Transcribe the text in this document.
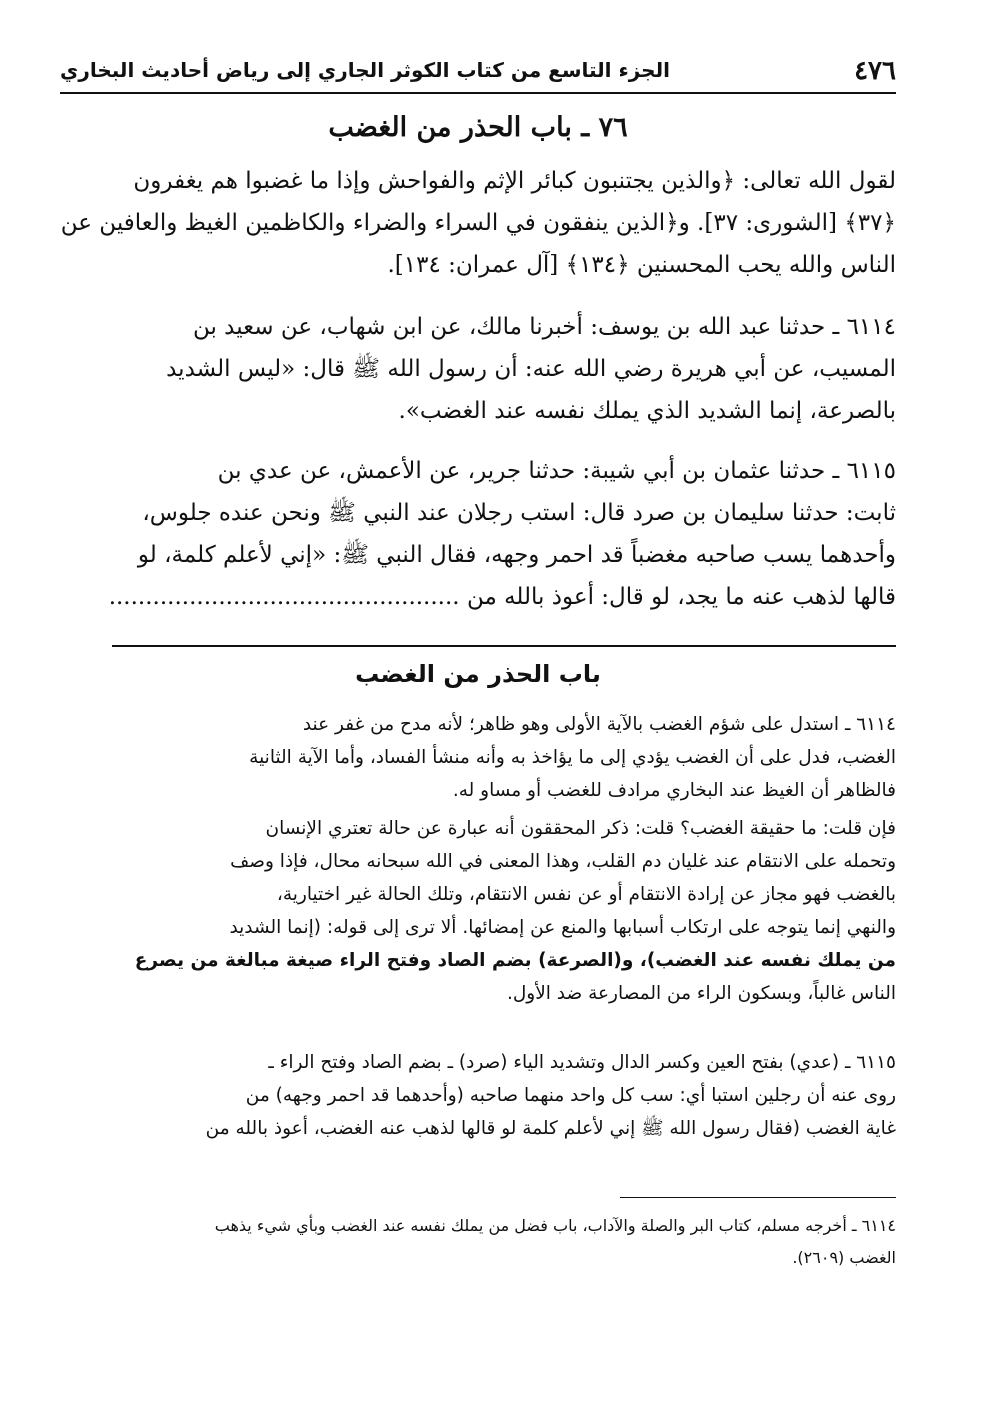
٤٧٦
الجزء التاسع من كتاب الكوثر الجاري إلى رياض أحاديث البخاري
٧٦ ـ باب الحذر من الغضب
لقول الله تعالى: ﴿والذين يجتنبون كبائر الإثم والفواحش وإذا ما غضبوا هم يغفرون
﴿٣٧﴾ [الشورى: ٣٧]. و﴿الذين ينفقون في السراء والضراء والكاظمين الغيظ والعافين عن
الناس والله يحب المحسنين ﴿١٣٤﴾ [آل عمران: ١٣٤].
٦١١٤ ـ حدثنا عبد الله بن يوسف: أخبرنا مالك، عن ابن شهاب، عن سعيد بن
المسيب، عن أبي هريرة رضي الله عنه: أن رسول الله ﷺ قال: «ليس الشديد
بالصرعة، إنما الشديد الذي يملك نفسه عند الغضب».
٦١١٥ ـ حدثنا عثمان بن أبي شيبة: حدثنا جرير، عن الأعمش، عن عدي بن
ثابت: حدثنا سليمان بن صرد قال: استب رجلان عند النبي ﷺ ونحن عنده جلوس،
وأحدهما يسب صاحبه مغضباً قد احمر وجهه، فقال النبي ﷺ: «إني لأعلم كلمة، لو
قالها لذهب عنه ما يجد، لو قال: أعوذ بالله من ................................................
باب الحذر من الغضب
٦١١٤ ـ استدل على شؤم الغضب بالآية الأولى وهو ظاهر؛ لأنه مدح من غفر عند
الغضب، فدل على أن الغضب يؤدي إلى ما يؤاخذ به وأنه منشأ الفساد، وأما الآية الثانية
فالظاهر أن الغيظ عند البخاري مرادف للغضب أو مساو له.
فإن قلت: ما حقيقة الغضب؟ قلت: ذكر المحققون أنه عبارة عن حالة تعتري الإنسان
وتحمله على الانتقام عند غليان دم القلب، وهذا المعنى في الله سبحانه محال، فإذا وصف
بالغضب فهو مجاز عن إرادة الانتقام أو عن نفس الانتقام، وتلك الحالة غير اختيارية،
والنهي إنما يتوجه على ارتكاب أسبابها والمنع عن إمضائها. ألا ترى إلى قوله: (إنما الشديد
من يملك نفسه عند الغضب)، و(الصرعة) بضم الصاد وفتح الراء صيغة مبالغة من يصرع
الناس غالباً، وبسكون الراء من المصارعة ضد الأول.
٦١١٥ ـ (عدي) بفتح العين وكسر الدال وتشديد الياء (صرد) ـ بضم الصاد وفتح الراء ـ
روى عنه أن رجلين استبا أي: سب كل واحد منهما صاحبه (وأحدهما قد احمر وجهه) من
غاية الغضب (فقال رسول الله ﷺ إني لأعلم كلمة لو قالها لذهب عنه الغضب، أعوذ بالله من
٦١١٤ ـ أخرجه مسلم، كتاب البر والصلة والآداب، باب فضل من يملك نفسه عند الغضب وبأي شيء يذهب
الغضب (٢٦٠٩).
